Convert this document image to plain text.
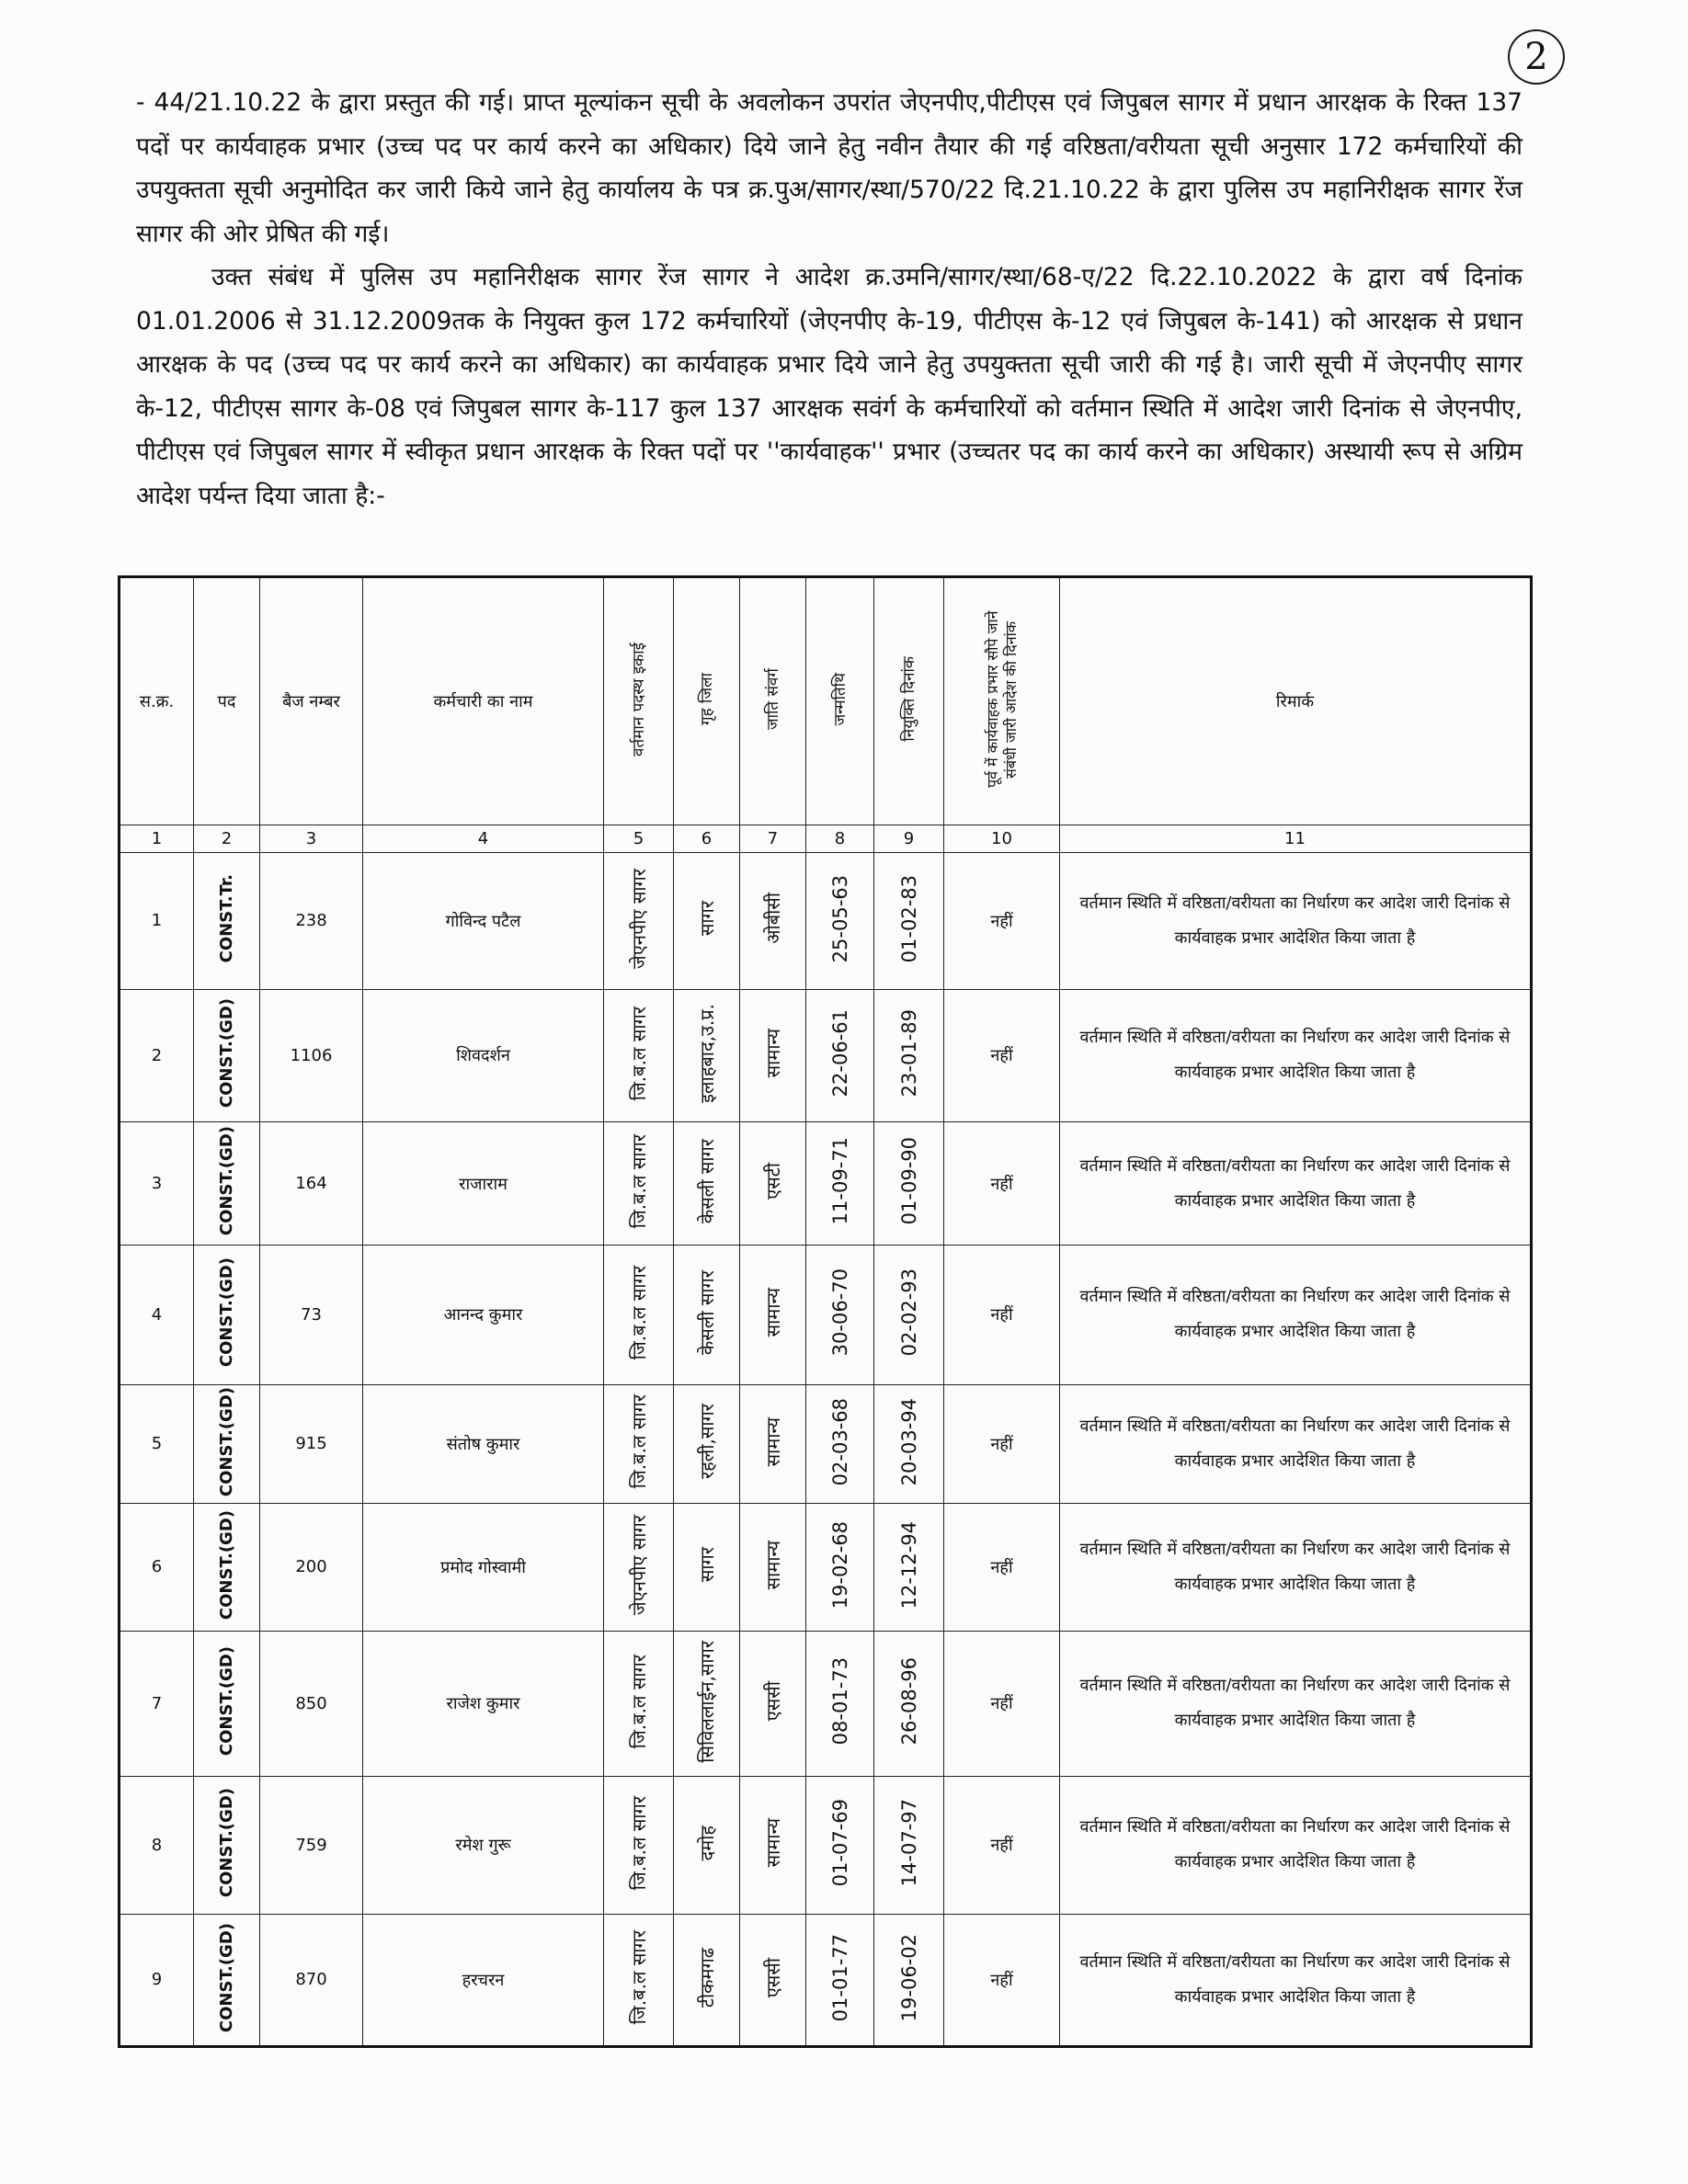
2

- 44/21.10.22 के द्वारा प्रस्तुत की गई। प्राप्त मूल्यांकन सूची के अवलोकन उपरांत जेएनपीए,पीटीएस एवं जिपुबल सागर में प्रधान आरक्षक के रिक्त 137 पदों पर कार्यवाहक प्रभार (उच्च पद पर कार्य करने का अधिकार) दिये जाने हेतु नवीन तैयार की गई वरिष्ठता/वरीयता सूची अनुसार 172 कर्मचारियों की उपयुक्तता सूची अनुमोदित कर जारी किये जाने हेतु कार्यालय के पत्र क्र.पुअ/सागर/स्था/570/22 दि.21.10.22 के द्वारा पुलिस उप महानिरीक्षक सागर रेंज सागर की ओर प्रेषित की गई।

उक्त संबंध में पुलिस उप महानिरीक्षक सागर रेंज सागर ने आदेश क्र.उमनि/सागर/स्था/68-ए/22 दि.22.10.2022 के द्वारा वर्ष दिनांक 01.01.2006 से 31.12.2009तक के नियुक्त कुल 172 कर्मचारियों (जेएनपीए के-19, पीटीएस के-12 एवं जिपुबल के-141) को आरक्षक से प्रधान आरक्षक के पद (उच्च पद पर कार्य करने का अधिकार) का कार्यवाहक प्रभार दिये जाने हेतु उपयुक्तता सूची जारी की गई है। जारी सूची में जेएनपीए सागर के-12, पीटीएस सागर के-08 एवं जिपुबल सागर के-117 कुल 137 आरक्षक सवंर्ग के कर्मचारियों को वर्तमान स्थिति में आदेश जारी दिनांक से जेएनपीए, पीटीएस एवं जिपुबल सागर में स्वीकृत प्रधान आरक्षक के रिक्त पदों पर ''कार्यवाहक'' प्रभार (उच्चतर पद का कार्य करने का अधिकार) अस्थायी रूप से अग्रिम आदेश पर्यन्त दिया जाता है:-

स.क्र.	पद	बैज नम्बर	कर्मचारी का नाम	वर्तमान पदस्थ इकाई	गृह जिला	जाति संवर्ग	जन्मतिथि	नियुक्ति दिनांक	पूर्व में कार्यवाहक प्रभार सौपे जाने संबंधी जारी आदेश की दिनांक	रिमार्क
1	2	3	4	5	6	7	8	9	10	11
1	CONST.Tr.	238	गोविन्द पटैल	जेएनपीए सागर	सागर	ओबीसी	25-05-63	01-02-83	नहीं	वर्तमान स्थिति में वरिष्ठता/वरीयता का निर्धारण कर आदेश जारी दिनांक से कार्यवाहक प्रभार आदेशित किया जाता है
2	CONST.(GD)	1106	शिवदर्शन	जि.ब.ल सागर	इलाहबाद,उ.प्र.	सामान्य	22-06-61	23-01-89	नहीं	वर्तमान स्थिति में वरिष्ठता/वरीयता का निर्धारण कर आदेश जारी दिनांक से कार्यवाहक प्रभार आदेशित किया जाता है
3	CONST.(GD)	164	राजाराम	जि.ब.ल सागर	केसली सागर	एसटी	11-09-71	01-09-90	नहीं	वर्तमान स्थिति में वरिष्ठता/वरीयता का निर्धारण कर आदेश जारी दिनांक से कार्यवाहक प्रभार आदेशित किया जाता है
4	CONST.(GD)	73	आनन्द कुमार	जि.ब.ल सागर	केसली सागर	सामान्य	30-06-70	02-02-93	नहीं	वर्तमान स्थिति में वरिष्ठता/वरीयता का निर्धारण कर आदेश जारी दिनांक से कार्यवाहक प्रभार आदेशित किया जाता है
5	CONST.(GD)	915	संतोष कुमार	जि.ब.ल सागर	रहली,सागर	सामान्य	02-03-68	20-03-94	नहीं	वर्तमान स्थिति में वरिष्ठता/वरीयता का निर्धारण कर आदेश जारी दिनांक से कार्यवाहक प्रभार आदेशित किया जाता है
6	CONST.(GD)	200	प्रमोद गोस्वामी	जेएनपीए सागर	सागर	सामान्य	19-02-68	12-12-94	नहीं	वर्तमान स्थिति में वरिष्ठता/वरीयता का निर्धारण कर आदेश जारी दिनांक से कार्यवाहक प्रभार आदेशित किया जाता है
7	CONST.(GD)	850	राजेश कुमार	जि.ब.ल सागर	सिविललाईन,सागर	एससी	08-01-73	26-08-96	नहीं	वर्तमान स्थिति में वरिष्ठता/वरीयता का निर्धारण कर आदेश जारी दिनांक से कार्यवाहक प्रभार आदेशित किया जाता है
8	CONST.(GD)	759	रमेश गुरू	जि.ब.ल सागर	दमोह	सामान्य	01-07-69	14-07-97	नहीं	वर्तमान स्थिति में वरिष्ठता/वरीयता का निर्धारण कर आदेश जारी दिनांक से कार्यवाहक प्रभार आदेशित किया जाता है
9	CONST.(GD)	870	हरचरन	जि.ब.ल सागर	टीकमगढ	एससी	01-01-77	19-06-02	नहीं	वर्तमान स्थिति में वरिष्ठता/वरीयता का निर्धारण कर आदेश जारी दिनांक से कार्यवाहक प्रभार आदेशित किया जाता है
